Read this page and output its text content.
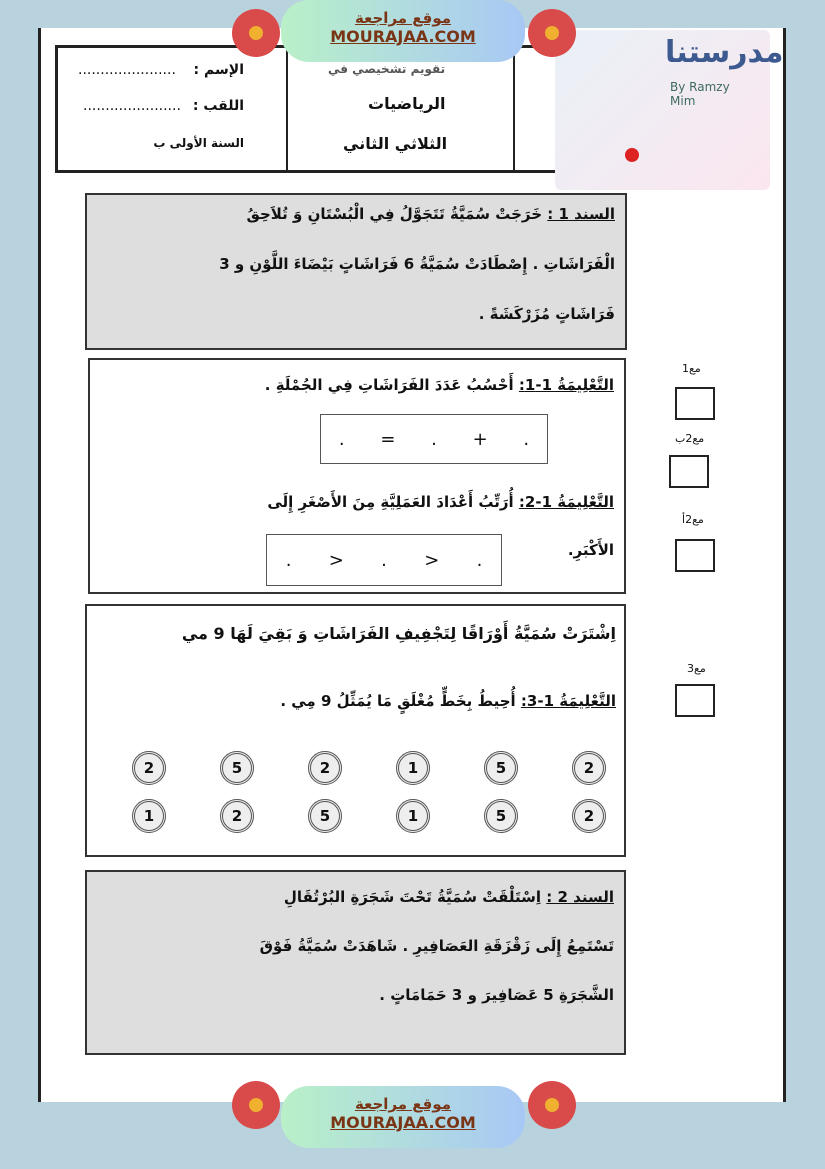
الإسم :
......................
اللقب :
......................
السنة الأولى ب
تقويم تشخيصي في
الرياضيات
الثلاثي الثاني
مدرستنا
By Ramzy Mim
موقع مراجعة
MOURAJAA.COM
السند 1 : خَرَجَتْ سُمَيَّةُ تَتَجَوَّلُ فِي الْبُسْتَانِ وَ تُلاَحِقُ
الْفَرَاشَاتِ . إِصْطَادَتْ سُمَيَّةُ 6 فَرَاشَاتٍ بَيْضَاءَ اللَّوْنِ و 3
فَرَاشَاتٍ مُزَرْكَشَةً .
التَّعْلِيمَةُ 1-1: أَحْسُبُ عَدَدَ الفَرَاشَاتِ فِي الجُمْلَةِ .
. = . + .
التَّعْلِيمَةُ 1-2: أُرَتِّبُ أَعْدَادَ العَمَلِيَّةِ مِنَ الأَصْغَرِ إِلَى
الأَكْبَرِ.
.
<
.
<
.
اِشْتَرَتْ سُمَيَّةُ أَوْرَاقًا لِتَجْفِيفِ الفَرَاشَاتِ وَ بَقِيَ لَهَا 9 مي
التَّعْلِيمَةُ 1-3: أُحِيطُ بِخَطٍّ مُغْلَقٍ مَا يُمَثِّلُ 9 مِي .
2	5	2	1	5	2
1	2	5	1	5	2
السند 2 : اِسْتَلْقَتْ سُمَيَّةُ تَحْتَ شَجَرَةِ البُرْتُقَالِ
تَسْتَمِعُ إِلَى زَقْزَقَةِ العَصَافِيرِ . شَاهَدَتْ سُمَيَّةُ فَوْقَ
الشَّجَرَةِ 5 عَصَافِيرَ و 3 حَمَامَاتٍ .
مع1
مع2ب
مع2أ
مع3
موقع مراجعة
MOURAJAA.COM
